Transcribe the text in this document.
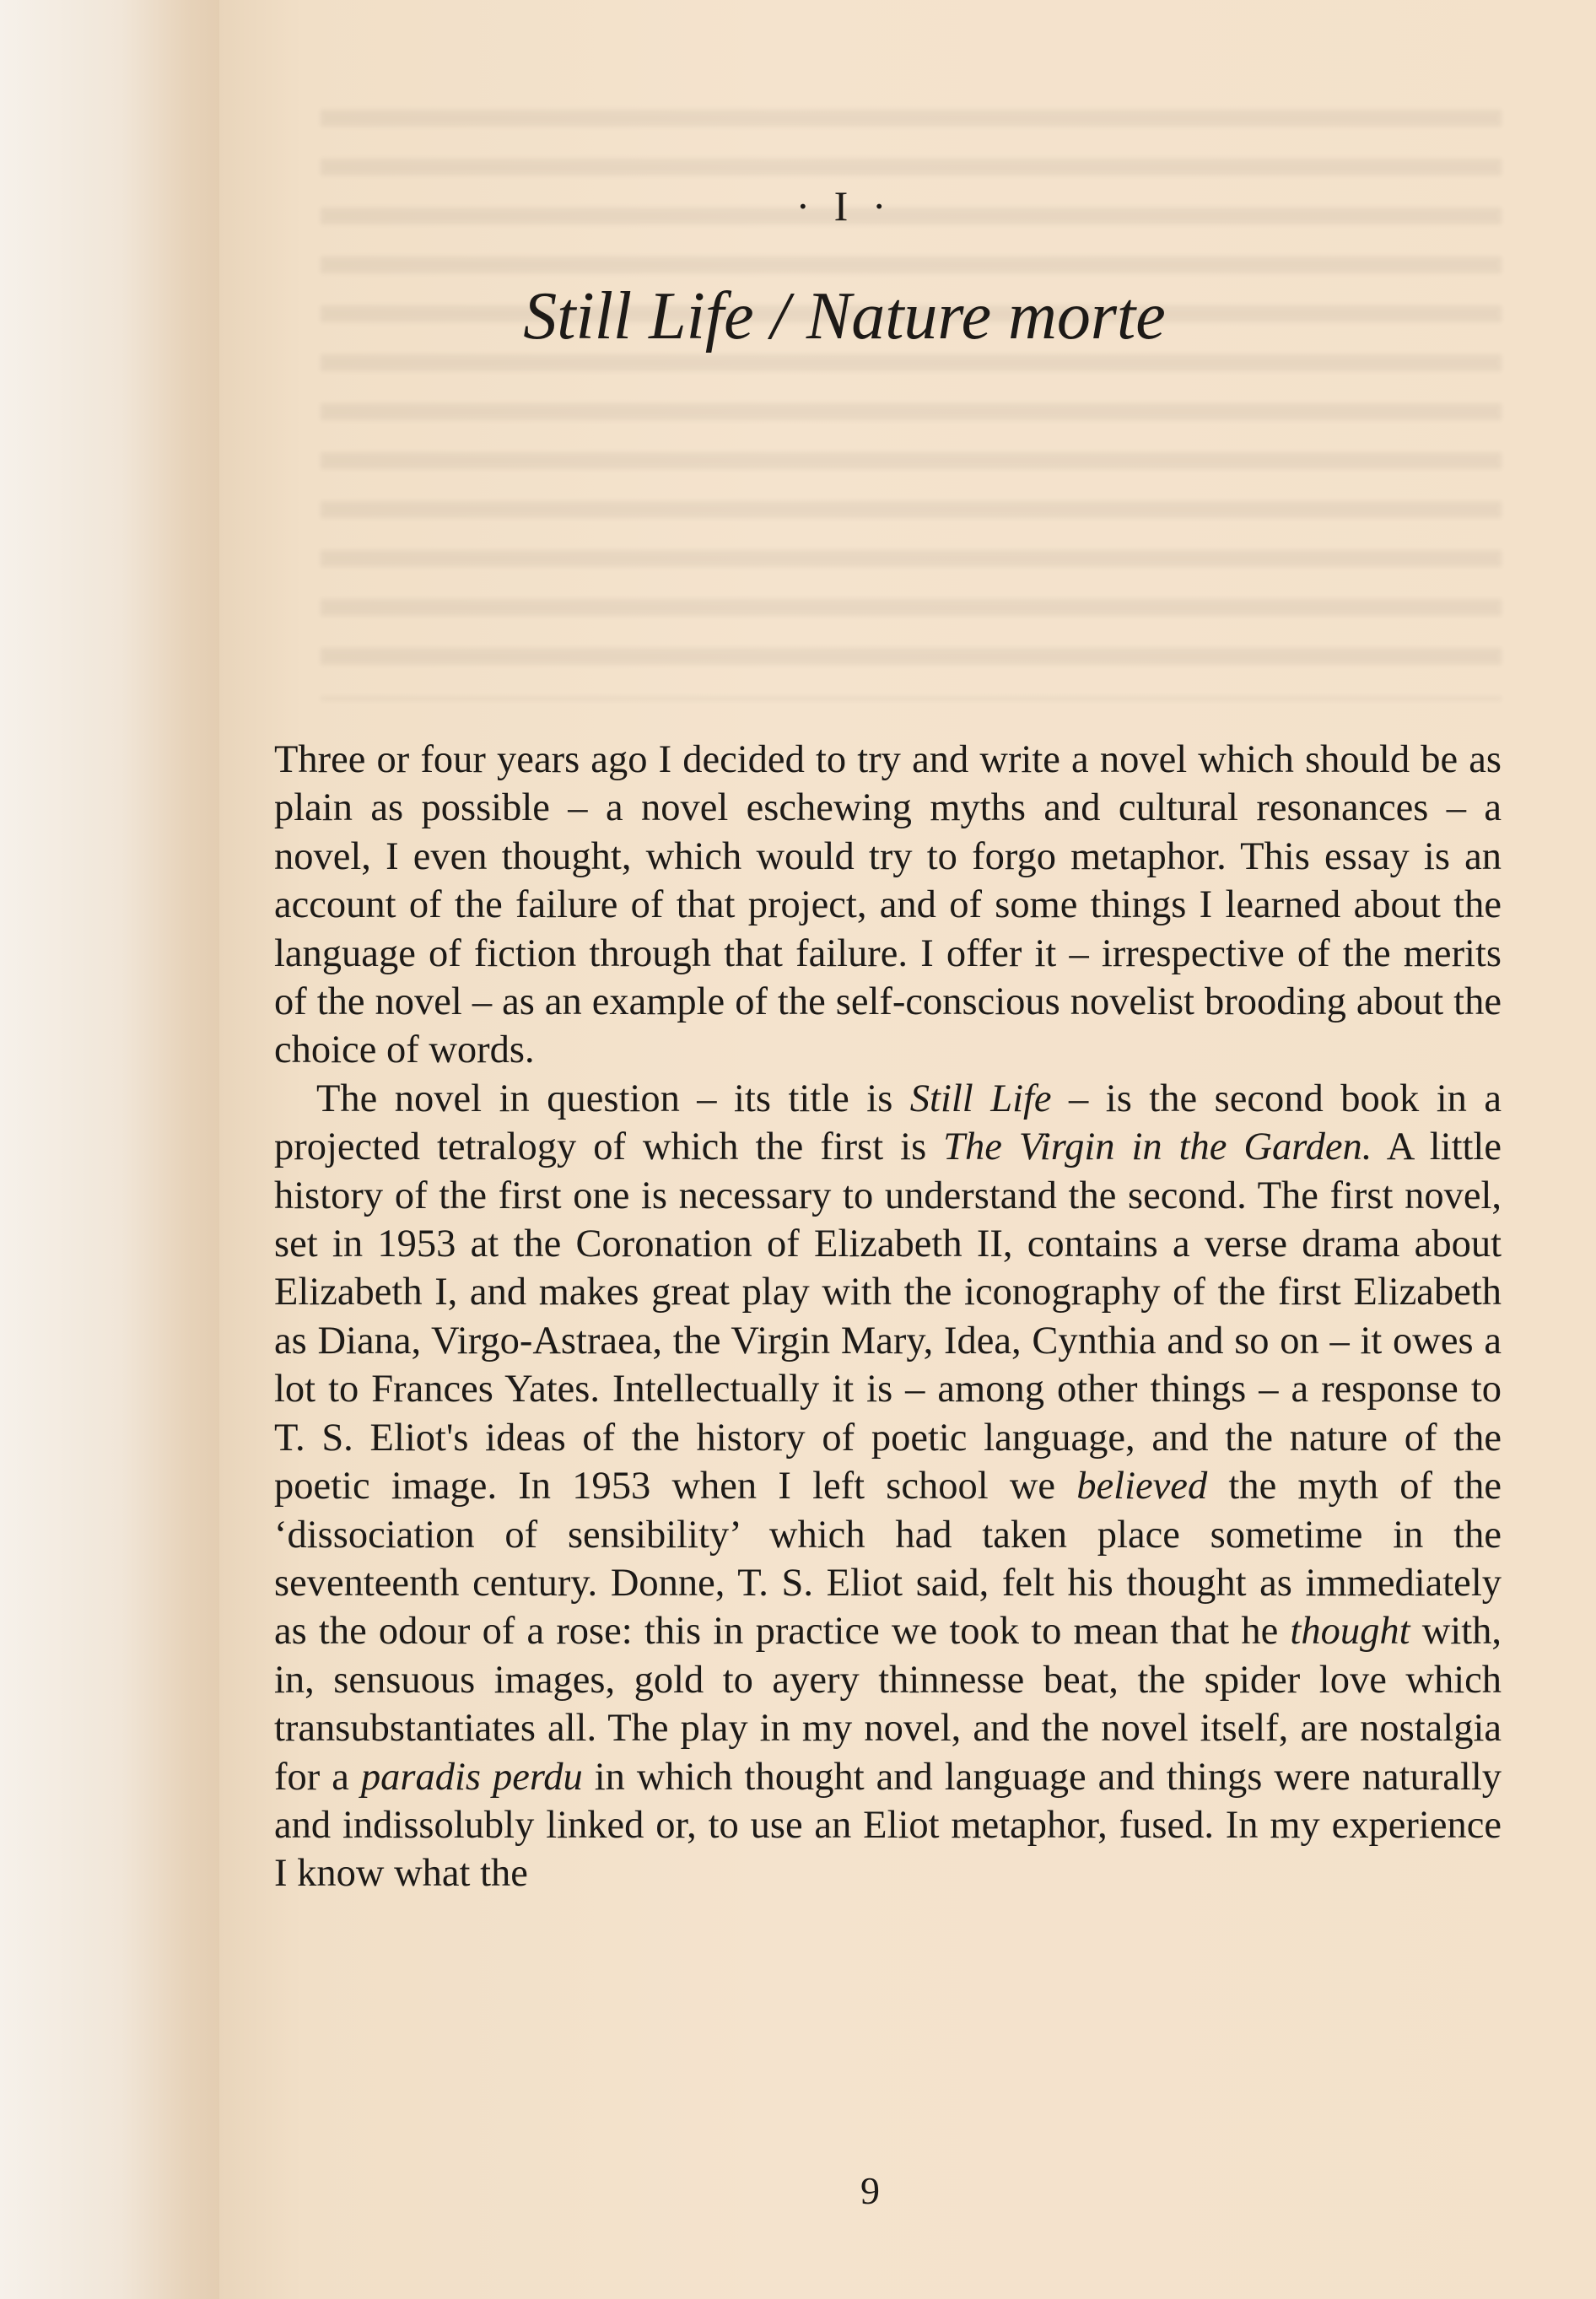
· I ·
Still Life / Nature morte

Three or four years ago I decided to try and write a novel which should be as plain as possible – a novel eschewing myths and cultural resonances – a novel, I even thought, which would try to forgo metaphor. This essay is an account of the failure of that project, and of some things I learned about the language of fiction through that failure. I offer it – irrespective of the merits of the novel – as an example of the self-conscious novelist brooding about the choice of words.

The novel in question – its title is Still Life – is the second book in a projected tetralogy of which the first is The Virgin in the Garden. A little history of the first one is necessary to understand the second. The first novel, set in 1953 at the Coronation of Elizabeth II, contains a verse drama about Elizabeth I, and makes great play with the iconography of the first Elizabeth as Diana, Virgo-Astraea, the Virgin Mary, Idea, Cynthia and so on – it owes a lot to Frances Yates. Intellectually it is – among other things – a response to T. S. Eliot's ideas of the history of poetic language, and the nature of the poetic image. In 1953 when I left school we believed the myth of the ‘dissociation of sensibility’ which had taken place sometime in the seventeenth century. Donne, T. S. Eliot said, felt his thought as immediately as the odour of a rose: this in practice we took to mean that he thought with, in, sensuous images, gold to ayery thinnesse beat, the spider love which transubstantiates all. The play in my novel, and the novel itself, are nostalgia for a paradis perdu in which thought and language and things were naturally and indissolubly linked or, to use an Eliot metaphor, fused. In my experience I know what the

9
